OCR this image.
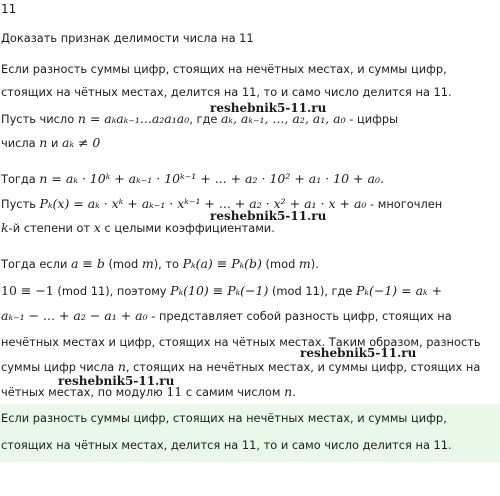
11
Доказать признак делимости числа на 11
Если разность суммы цифр, стоящих на нечётных местах, и суммы цифр,
стоящих на чётных местах, делится на 11, то и само число делится на 11.
Пусть число n = aₖaₖ₋₁...a₂a₁a₀, где aₖ, aₖ₋₁, ..., a₂, a₁, a₀ - цифры
числа n и aₖ ≠ 0
Тогда n = aₖ · 10ᵏ + aₖ₋₁ · 10ᵏ⁻¹ + ... + a₂ · 10² + a₁ · 10 + a₀.
Пусть Pₖ(x) = aₖ · xᵏ + aₖ₋₁ · xᵏ⁻¹ + ... + a₂ · x² + a₁ · x + a₀ - многочлен
k-й степени от x с целыми коэффициентами.
Тогда если a ≡ b (mod m), то Pₖ(a) ≡ Pₖ(b) (mod m).
10 ≡ −1 (mod 11), поэтому Pₖ(10) ≡ Pₖ(−1) (mod 11), где Pₖ(−1) = aₖ +
aₖ₋₁ − ... + a₂ − a₁ + a₀ - представляет собой разность цифр, стоящих на
нечётных местах и цифр, стоящих на чётных местах. Таким образом, разность
суммы цифр числа n, стоящих на нечётных местах, и суммы цифр, стоящих на
чётных местах, по модулю 11 с самим числом n.
Если разность суммы цифр, стоящих на нечётных местах, и суммы цифр,
стоящих на чётных местах, делится на 11, то и само число делится на 11.
reshebnik5-11.ru
reshebnik5-11.ru
reshebnik5-11.ru
reshebnik5-11.ru
